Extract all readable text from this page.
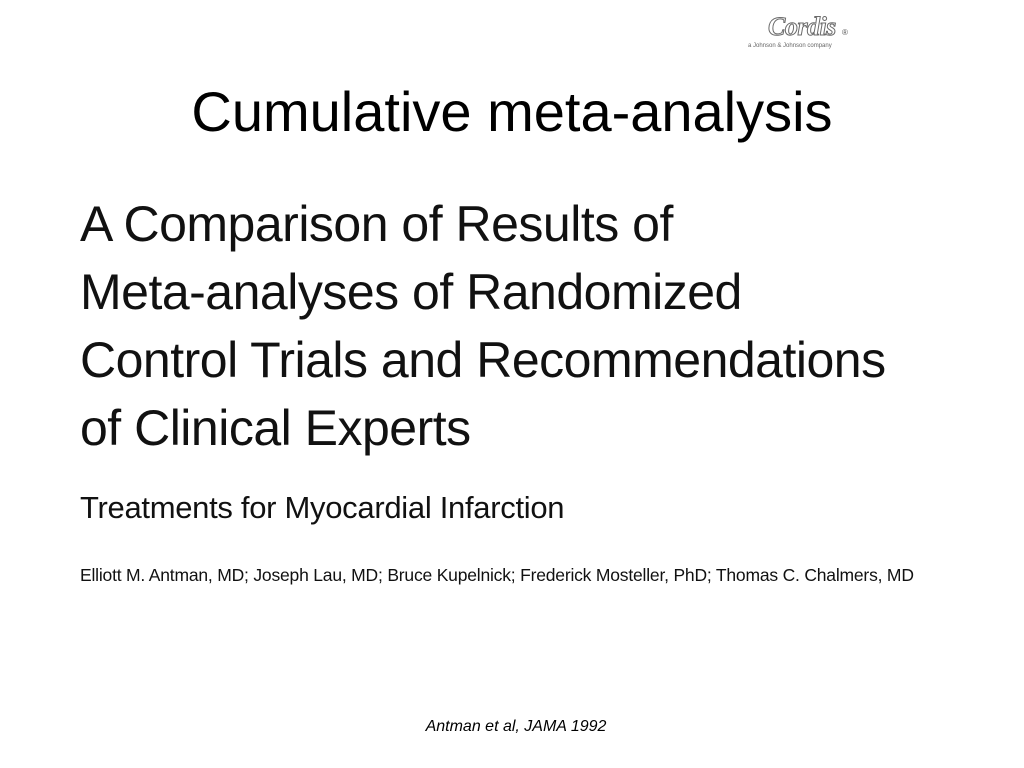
Cumulative meta-analysis
Cordis ®
a Johnson & Johnson company
A Comparison of Results of
Meta-analyses of Randomized
Control Trials and Recommendations
of Clinical Experts
Treatments for Myocardial Infarction
Elliott M. Antman, MD; Joseph Lau, MD; Bruce Kupelnick; Frederick Mosteller, PhD; Thomas C. Chalmers, MD
Antman et al, JAMA 1992
